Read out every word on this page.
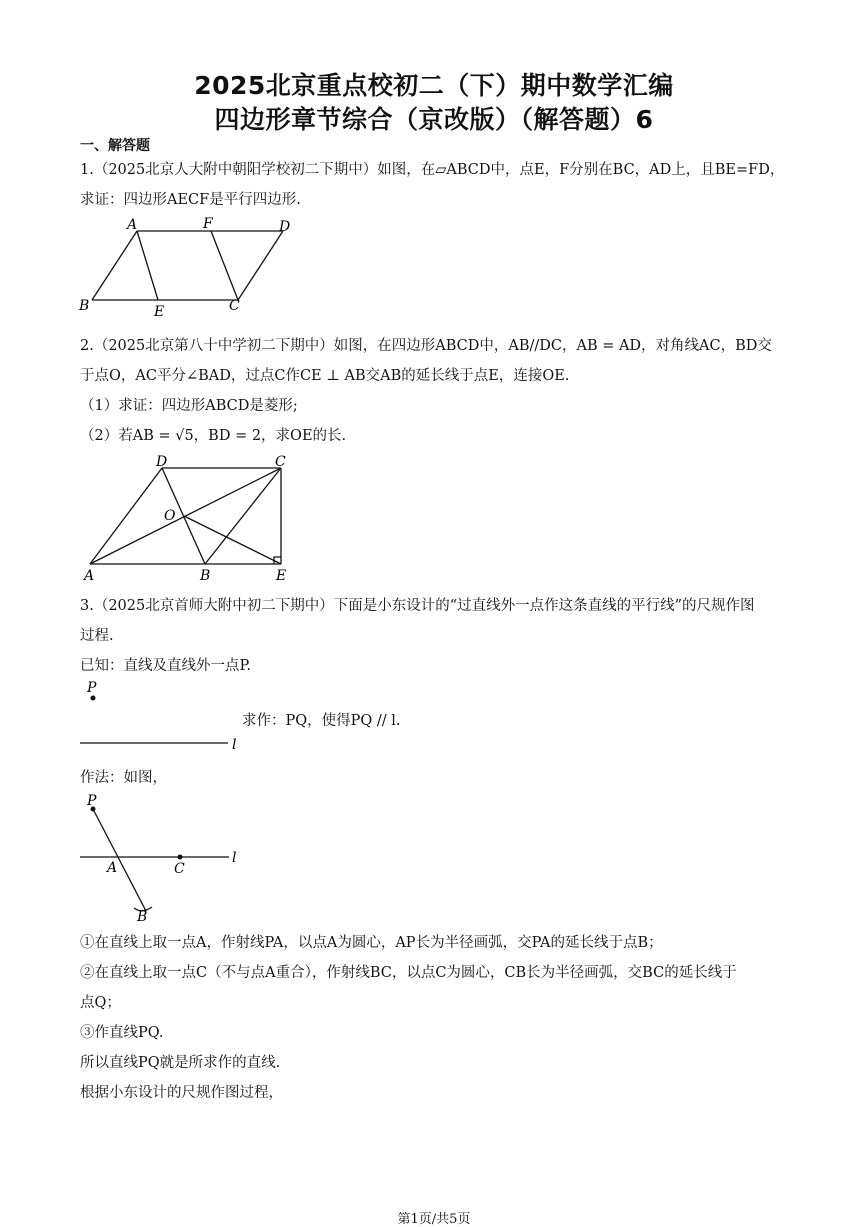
2025北京重点校初二（下）期中数学汇编
四边形章节综合（京改版）（解答题）6
一、解答题
1.（2025北京人大附中朝阳学校初二下期中）如图，在▱ABCD中，点E，F分别在BC，AD上，且BE=FD，
求证：四边形AECF是平行四边形.
A	F	D
B	E	C
2.（2025北京第八十中学初二下期中）如图，在四边形ABCD中，AB//DC，AB = AD，对角线AC，BD交
于点O，AC平分∠BAD，过点C作CE ⊥ AB交AB的延长线于点E，连接OE.
（1）求证：四边形ABCD是菱形;
（2）若AB = √5，BD = 2，求OE的长.
D	C
O
A	B	E
3.（2025北京首师大附中初二下期中）下面是小东设计的“过直线外一点作这条直线的平行线”的尺规作图
过程.
已知：直线及直线外一点P.
P
l
求作：PQ，使得PQ // l.
作法：如图，
P
A	C
B
l
①在直线上取一点A，作射线PA，以点A为圆心，AP长为半径画弧，交PA的延长线于点B；
②在直线上取一点C（不与点A重合），作射线BC，以点C为圆心，CB长为半径画弧，交BC的延长线于
点Q；
③作直线PQ.
所以直线PQ就是所求作的直线.
根据小东设计的尺规作图过程，
第1页/共5页
